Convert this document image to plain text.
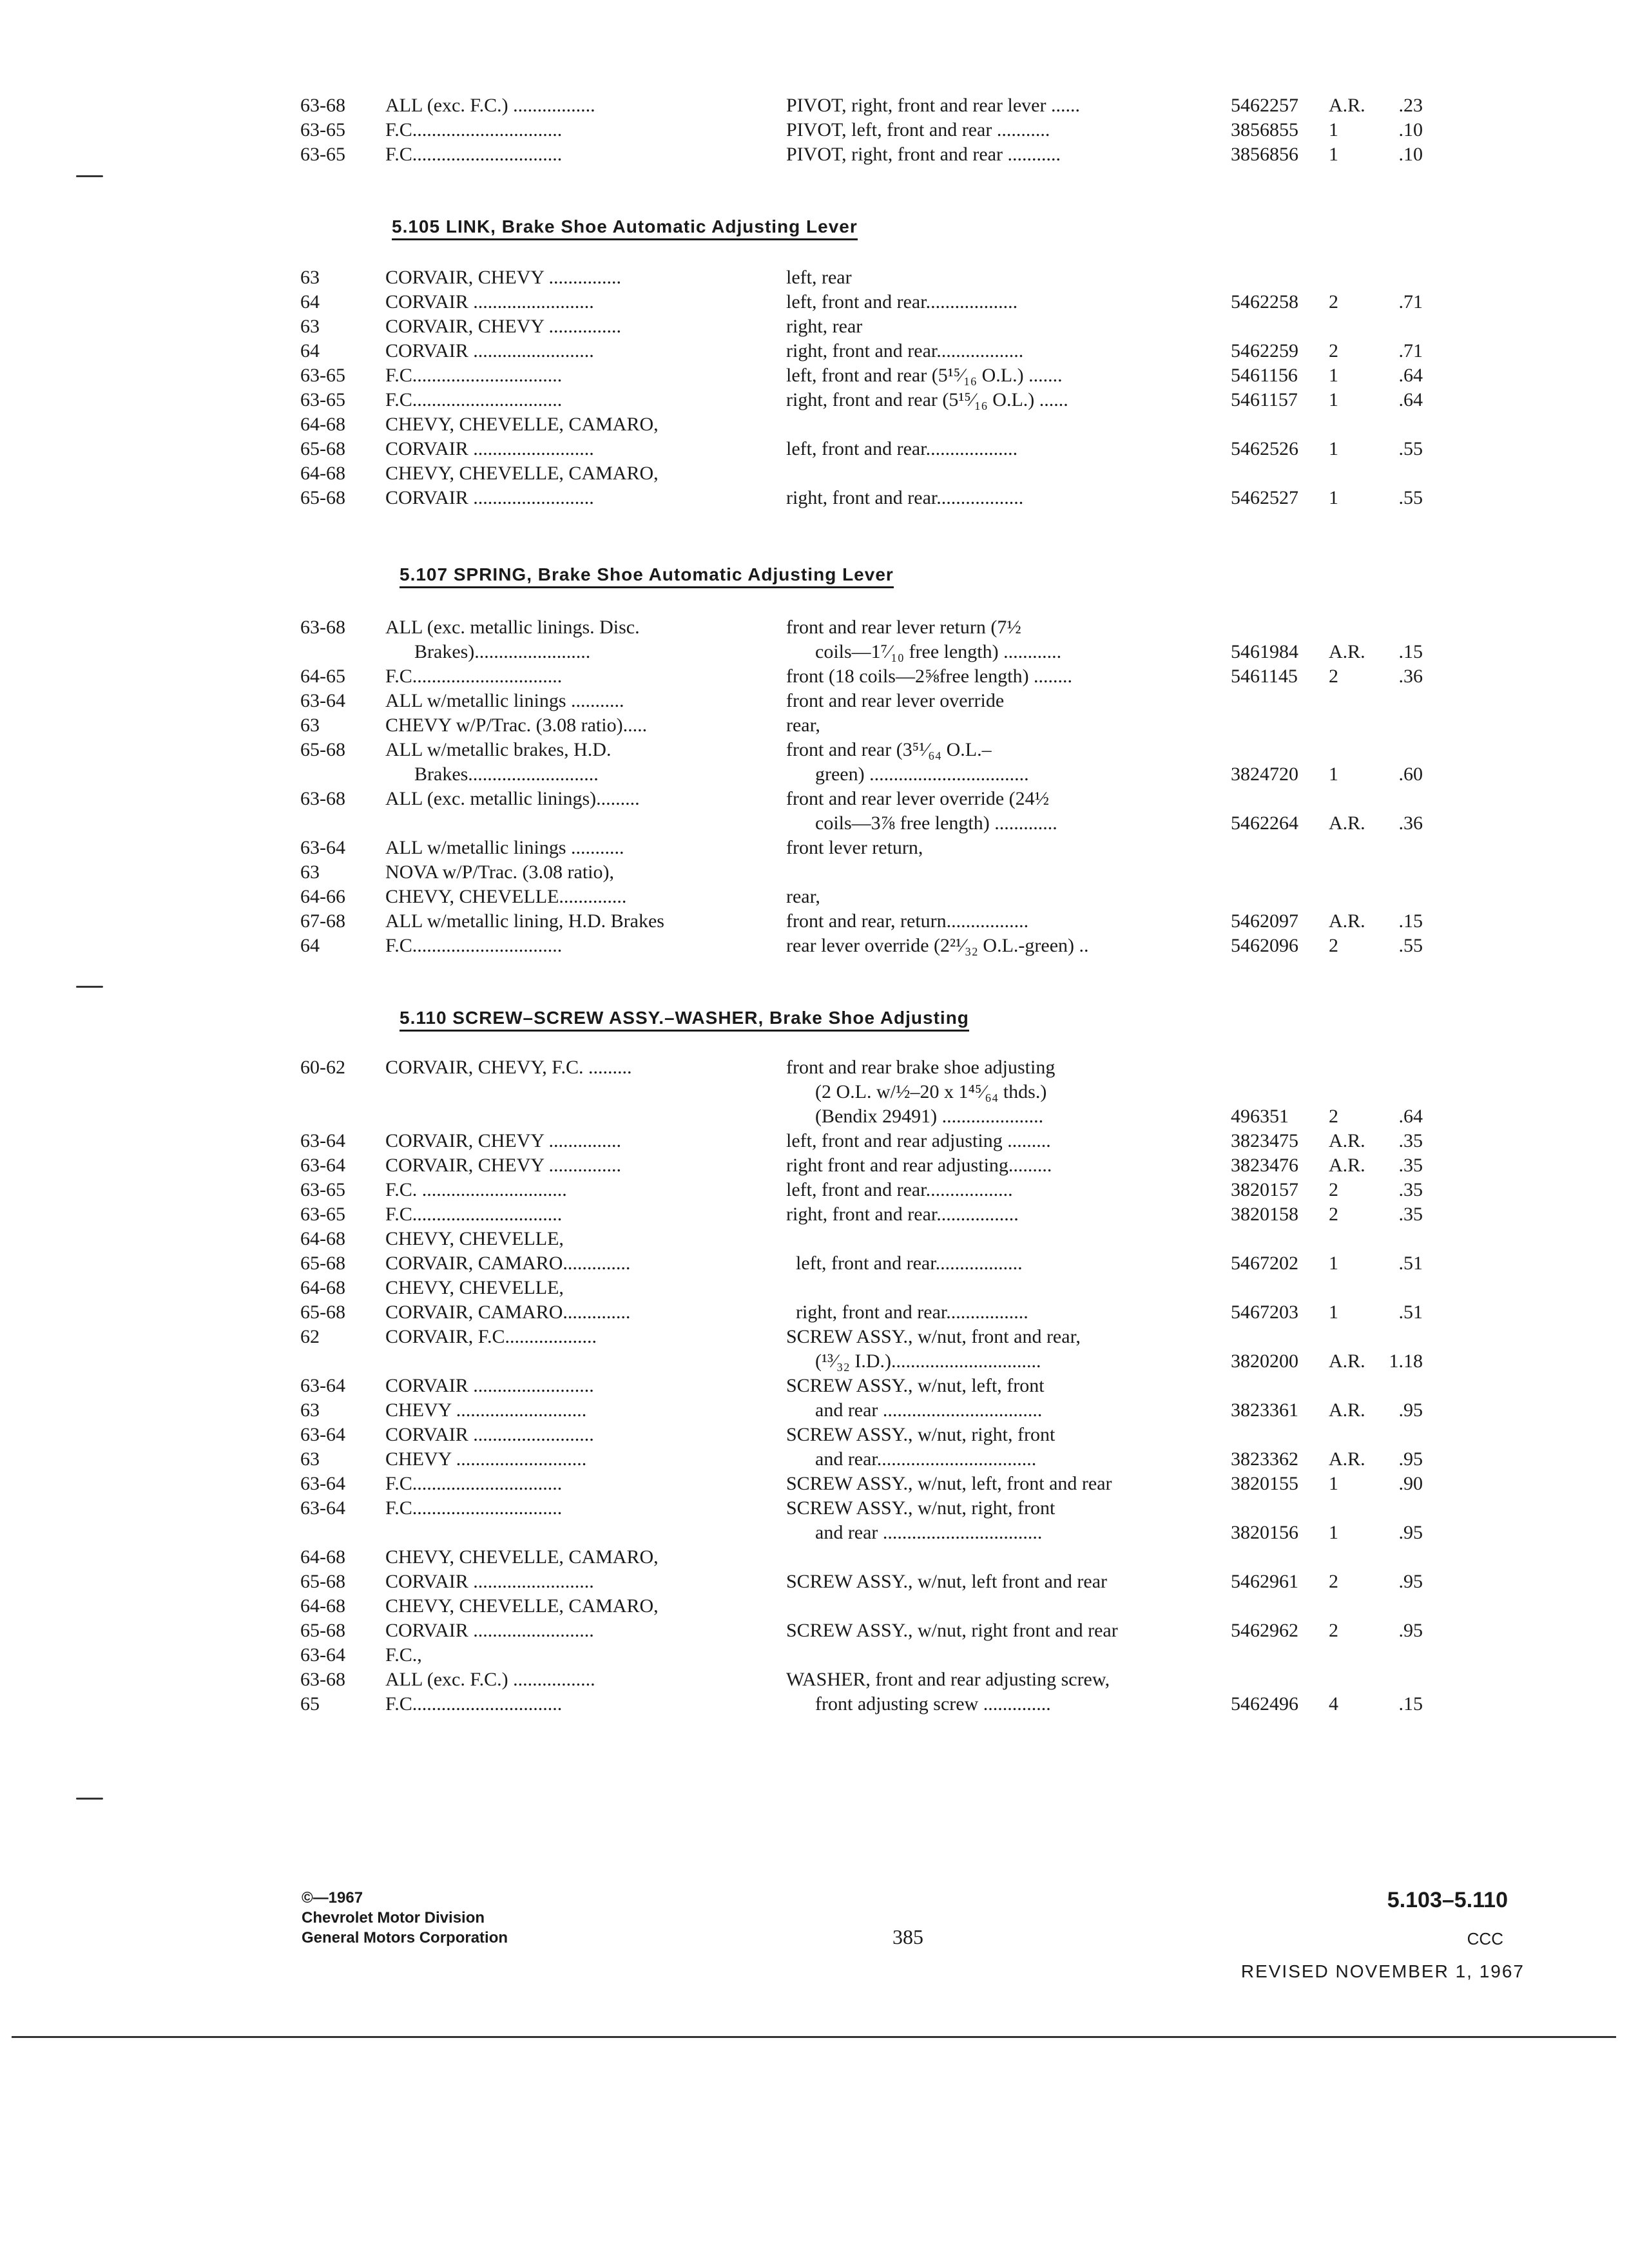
63-68 ALL (exc. F.C.) .................	PIVOT, right, front and rear lever ......	5462257 A.R. .23
63-65 F.C...............................	PIVOT, left, front and rear ...........	3856855 1	.10
63-65 F.C...............................	PIVOT, right, front and rear ...........	3856856 1	.10
5.105 LINK, Brake Shoe Automatic Adjusting Lever
63	CORVAIR, CHEVY ...............	left, rear
64	CORVAIR .........................	left, front and rear...................	5462258 2	.71
63	CORVAIR, CHEVY ...............	right, rear
64	CORVAIR .........................	right, front and rear..................	5462259 2	.71
63-65 F.C...............................	left, front and rear (5¹⁵⁄₁₆ O.L.) .......	5461156 1	.64
63-65 F.C...............................	right, front and rear (5¹⁵⁄₁₆ O.L.) ......	5461157 1	.64
64-68 CHEVY, CHEVELLE, CAMARO,
65-68 CORVAIR .........................	left, front and rear...................	5462526 1	.55
64-68 CHEVY, CHEVELLE, CAMARO,
65-68 CORVAIR .........................	right, front and rear..................	5462527 1	.55
5.107 SPRING, Brake Shoe Automatic Adjusting Lever
63-68 ALL (exc. metallic linings. Disc.	front and rear lever return (7½
Brakes)........................	coils—1⁷⁄₁₀ free length) ............	5461984 A.R. .15
64-65 F.C...............................	front (18 coils—2⅝free length) ........	5461145 2	.36
63-64 ALL w/metallic linings ...........	front and rear lever override
63	CHEVY w/P/Trac. (3.08 ratio).....	rear,
65-68 ALL w/metallic brakes, H.D.	front and rear (3⁵¹⁄₆₄ O.L.–
Brakes...........................	green) .................................	3824720 1	.60
63-68 ALL (exc. metallic linings).........	front and rear lever override (24½
coils—3⅞ free length) .............	5462264 A.R. .36
63-64 ALL w/metallic linings ...........	front lever return,
63	NOVA w/P/Trac. (3.08 ratio),
64-66 CHEVY, CHEVELLE..............	rear,
67-68 ALL w/metallic lining, H.D. Brakes	front and rear, return.................	5462097 A.R. .15
64	F.C...............................	rear lever override (2²¹⁄₃₂ O.L.-green) ..	5462096 2	.55
5.110 SCREW–SCREW ASSY.–WASHER, Brake Shoe Adjusting
60-62 CORVAIR, CHEVY, F.C. .........	front and rear brake shoe adjusting
(2 O.L. w/½–20 x 1⁴⁵⁄₆₄ thds.)
(Bendix 29491) .....................	496351 2	.64
63-64 CORVAIR, CHEVY ...............	left, front and rear adjusting .........	3823475 A.R. .35
63-64 CORVAIR, CHEVY ...............	right front and rear adjusting.........	3823476 A.R. .35
63-65 F.C. ..............................	left, front and rear..................	3820157 2	.35
63-65 F.C...............................	right, front and rear.................	3820158 2	.35
64-68 CHEVY, CHEVELLE,
65-68 CORVAIR, CAMARO..............	left, front and rear..................	5467202 1	.51
64-68 CHEVY, CHEVELLE,
65-68 CORVAIR, CAMARO..............	right, front and rear.................	5467203 1	.51
62	CORVAIR, F.C...................	SCREW ASSY., w/nut, front and rear,
(¹³⁄₃₂ I.D.)...............................	3820200 A.R. 1.18
63-64 CORVAIR .........................	SCREW ASSY., w/nut, left, front
63	CHEVY ...........................	and rear .................................	3823361 A.R. .95
63-64 CORVAIR .........................	SCREW ASSY., w/nut, right, front
63	CHEVY ...........................	and rear.................................	3823362 A.R. .95
63-64 F.C...............................	SCREW ASSY., w/nut, left, front and rear	3820155 1	.90
63-64 F.C...............................	SCREW ASSY., w/nut, right, front
and rear .................................	3820156 1	.95
64-68 CHEVY, CHEVELLE, CAMARO,
65-68 CORVAIR .........................	SCREW ASSY., w/nut, left front and rear	5462961 2	.95
64-68 CHEVY, CHEVELLE, CAMARO,
65-68 CORVAIR .........................	SCREW ASSY., w/nut, right front and rear	5462962 2	.95
63-64 F.C.,
63-68 ALL (exc. F.C.) .................	WASHER, front and rear adjusting screw,
65	F.C...............................	front adjusting screw ..............	5462496 4	.15
©—1967
Chevrolet Motor Division
General Motors Corporation	385
5.103–5.110
CCC
REVISED NOVEMBER 1, 1967
